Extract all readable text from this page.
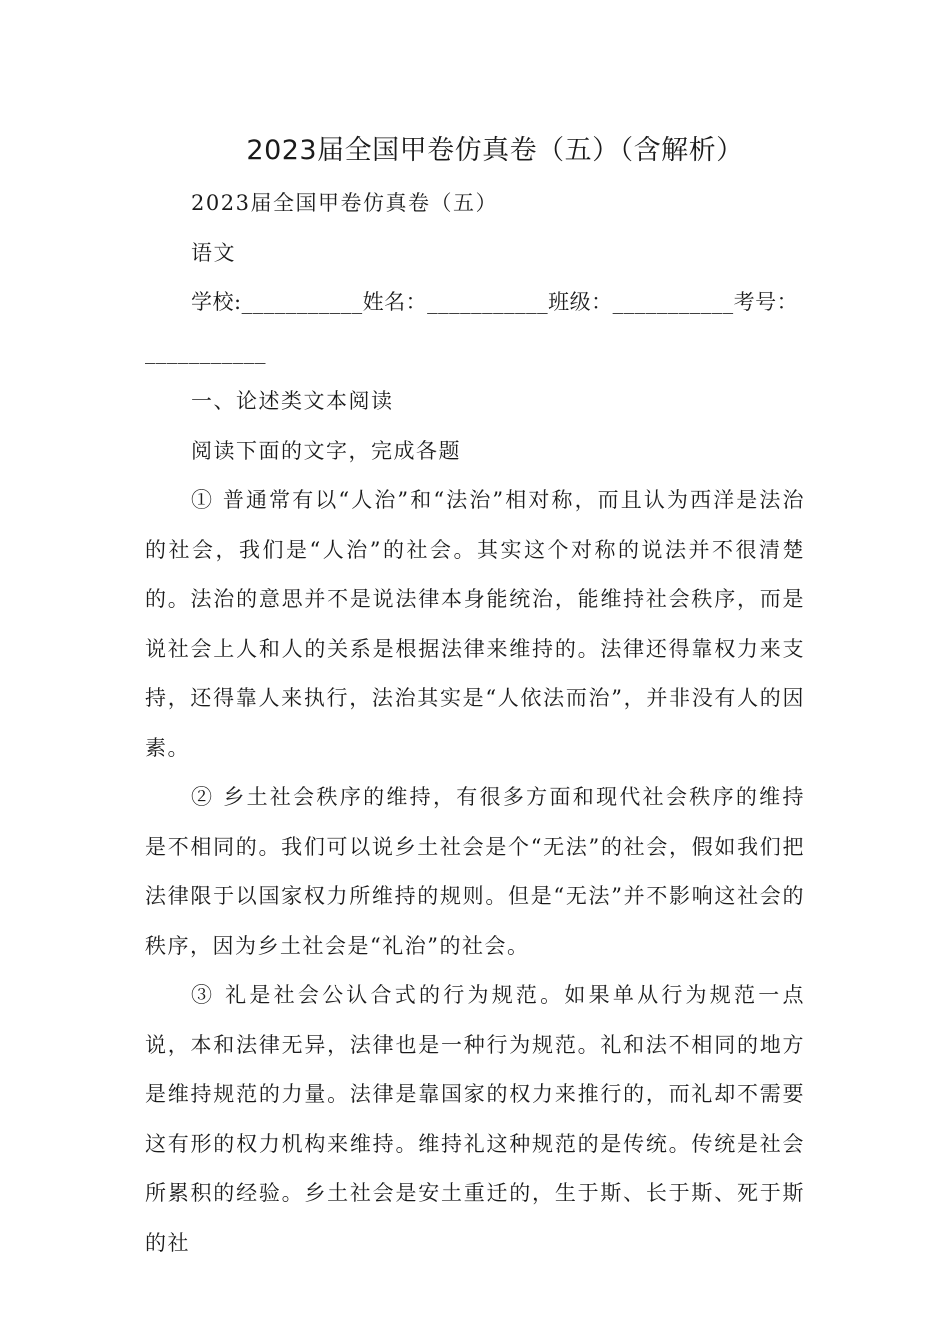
2023届全国甲卷仿真卷（五）（含解析）

2023届全国甲卷仿真卷（五）

语文

学校:___________姓名：___________班级：___________考号：___________

一、论述类文本阅读

阅读下面的文字，完成各题

① 普通常有以“人治”和“法治”相对称，而且认为西洋是法治的社会，我们是“人治”的社会。其实这个对称的说法并不很清楚的。法治的意思并不是说法律本身能统治，能维持社会秩序，而是说社会上人和人的关系是根据法律来维持的。法律还得靠权力来支持，还得靠人来执行，法治其实是“人依法而治”，并非没有人的因素。

② 乡土社会秩序的维持，有很多方面和现代社会秩序的维持是不相同的。我们可以说乡土社会是个“无法”的社会，假如我们把法律限于以国家权力所维持的规则。但是“无法”并不影响这社会的秩序，因为乡土社会是“礼治”的社会。

③ 礼是社会公认合式的行为规范。如果单从行为规范一点说，本和法律无异，法律也是一种行为规范。礼和法不相同的地方是维持规范的力量。法律是靠国家的权力来推行的，而礼却不需要这有形的权力机构来维持。维持礼这种规范的是传统。传统是社会所累积的经验。乡土社会是安土重迁的，生于斯、长于斯、死于斯的社
